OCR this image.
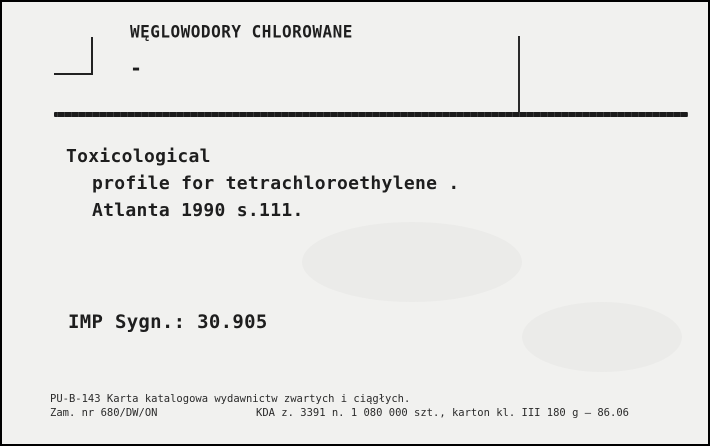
WĘGLOWODORY CHLOROWANE
-
Toxicological
profile for tetrachloroethylene .
Atlanta 1990 s.111.
IMP Sygn.: 30.905
PU-B-143 Karta katalogowa wydawnictw zwartych i ciągłych.
Zam. nr 680/DW/ON	KDA z. 3391 n. 1 080 000 szt., karton kl. III 180 g — 86.06
